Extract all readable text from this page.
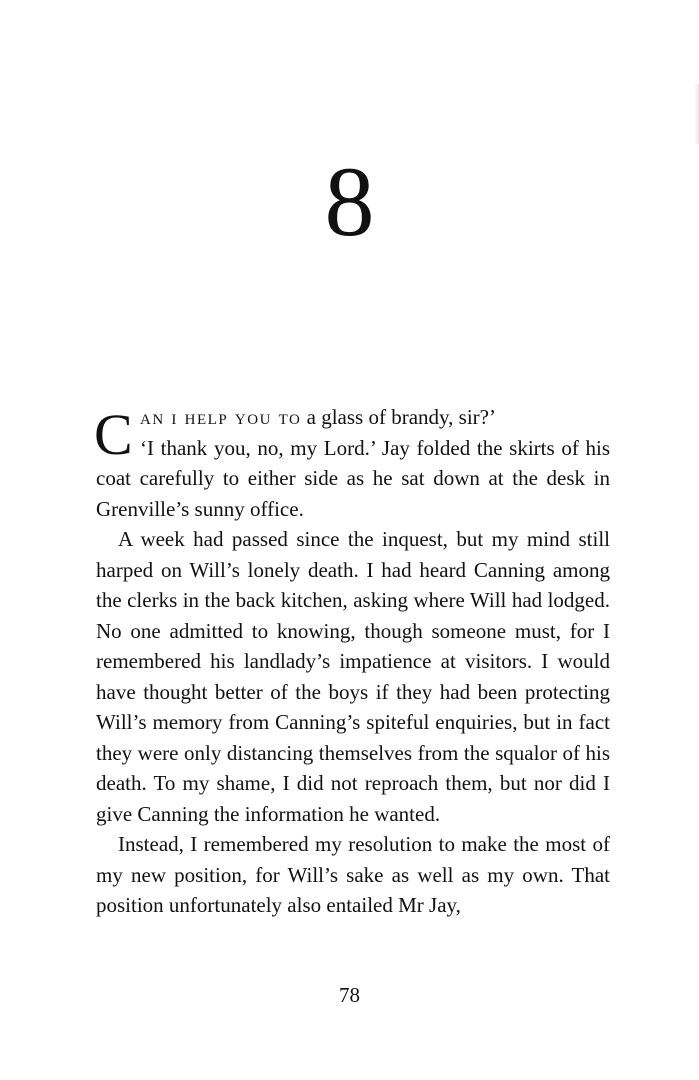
8
C an i help you to a glass of brandy, sir?’

‘I thank you, no, my Lord.’ Jay folded the skirts of his coat carefully to either side as he sat down at the desk in Grenville’s sunny office.

A week had passed since the inquest, but my mind still harped on Will’s lonely death. I had heard Canning among the clerks in the back kitchen, asking where Will had lodged. No one admitted to knowing, though someone must, for I remembered his landlady’s impatience at visitors. I would have thought better of the boys if they had been protecting Will’s memory from Canning’s spiteful enquiries, but in fact they were only distancing themselves from the squalor of his death. To my shame, I did not reproach them, but nor did I give Canning the information he wanted.

Instead, I remembered my resolution to make the most of my new position, for Will’s sake as well as my own. That position unfortunately also entailed Mr Jay,

78
